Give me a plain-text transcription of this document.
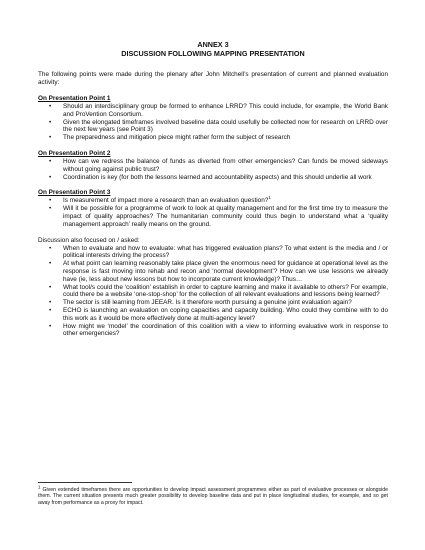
ANNEX 3
DISCUSSION FOLLOWING MAPPING PRESENTATION

The following points were made during the plenary after John Mitchell’s presentation of current and planned evaluation activity:

On Presentation Point 1
• Should an interdisciplinary group be formed to enhance LRRD? This could include, for example, the World Bank and ProVention Consortium.
• Given the elongated timeframes involved baseline data could usefully be collected now for research on LRRD over the next few years (see Point 3)
• The preparedness and mitigation piece might rather form the subject of research
On Presentation Point 2
• How can we redress the balance of funds as diverted from other emergencies? Can funds be moved sideways without going against public trust?
• Coordination is key (for both the lessons learned and accountability aspects) and this should underlie all work
On Presentation Point 3
• Is measurement of impact more a research than an evaluation question?$^1$
• Will it be possible for a programme of work to look at quality management and for the first time try to measure the impact of quality approaches? The humanitarian community could thus begin to understand what a ‘quality management approach’ really means on the ground.
Discussion also focused on / asked:
• When to evaluate and how to evaluate: what has triggered evaluation plans? To what extent is the media and / or political interests driving the process?
• At what point can learning reasonably take place given the enormous need for guidance at operational level as the response is fast moving into rehab and recon and ‘normal development’? How can we use lessons we already have (ie, less about new lessons but how to incorporate current knowledge)? Thus…
• What tool/s could the ‘coalition’ establish in order to capture learning and make it available to others? For example, could there be a website ‘one-stop-shop’ for the collection of all relevant evaluations and lessons being learned?
• The sector is still learning from JEEAR. Is it therefore worth pursuing a genuine joint evaluation again?
• ECHO is launching an evaluation on coping capacities and capacity building. Who could they combine with to do this work as it would be more effectively done at multi-agency level?
• How might we ‘model’ the coordination of this coalition with a view to informing evaluative work in response to other emergencies?
$^1$ Given extended timeframes there are opportunities to develop impact assessment programmes either as part of evaluative processes or alongside them. The current situation presents much greater possibility to develop baseline data and put in place longitudinal studies, for example, and so get away from performance as a proxy for impact.
